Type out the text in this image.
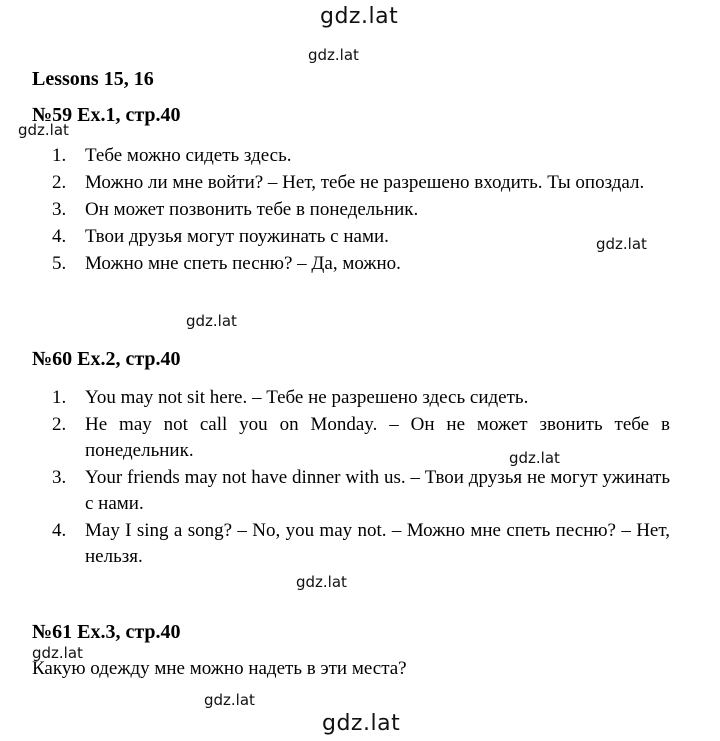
gdz.lat
gdz.lat
gdz.lat
gdz.lat
gdz.lat
gdz.lat
gdz.lat
gdz.lat
gdz.lat
gdz.lat
Lessons 15, 16
№59 Ex.1, стр.40
1. Тебе можно сидеть здесь.
2. Можно ли мне войти? – Нет, тебе не разрешено входить. Ты опоздал.
3. Он может позвонить тебе в понедельник.
4. Твои друзья могут поужинать с нами.
5. Можно мне спеть песню? – Да, можно.
№60 Ex.2, стр.40
1. You may not sit here. – Тебе не разрешено здесь сидеть.
2. He may not call you on Monday. – Он не может звонить тебе в понедельник.
3. Your friends may not have dinner with us. – Твои друзья не могут ужинать с нами.
4. May I sing a song? – No, you may not. – Можно мне спеть песню? – Нет, нельзя.
№61 Ex.3, стр.40
Какую одежду мне можно надеть в эти места?
